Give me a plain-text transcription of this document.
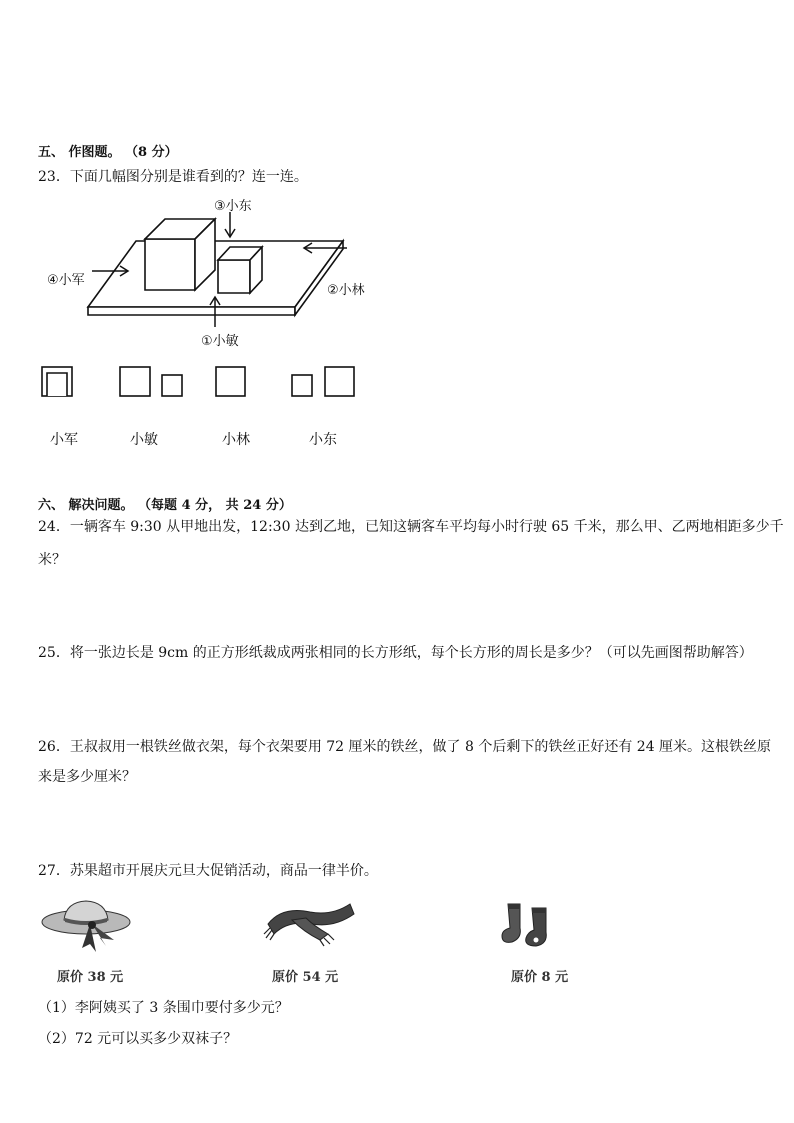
五、 作图题。 （8 分）
23．下面几幅图分别是谁看到的？连一连。
③小东
④小军
②小林
①小敏
小军	小敏	小林	小东
六、 解决问题。 （每题 4 分， 共 24 分）
24．一辆客车 9:30 从甲地出发，12:30 达到乙地，已知这辆客车平均每小时行驶 65 千米，那么甲、乙两地相距多少千
米？
25．将一张边长是 9cm 的正方形纸裁成两张相同的长方形纸，每个长方形的周长是多少？（可以先画图帮助解答）
26．王叔叔用一根铁丝做衣架，每个衣架要用 72 厘米的铁丝，做了 8 个后剩下的铁丝正好还有 24 厘米。这根铁丝原
来是多少厘米？
27．苏果超市开展庆元旦大促销活动，商品一律半价。
原价 38 元	原价 54 元	原价 8 元
（1）李阿姨买了 3 条围巾要付多少元？
（2）72 元可以买多少双袜子？
